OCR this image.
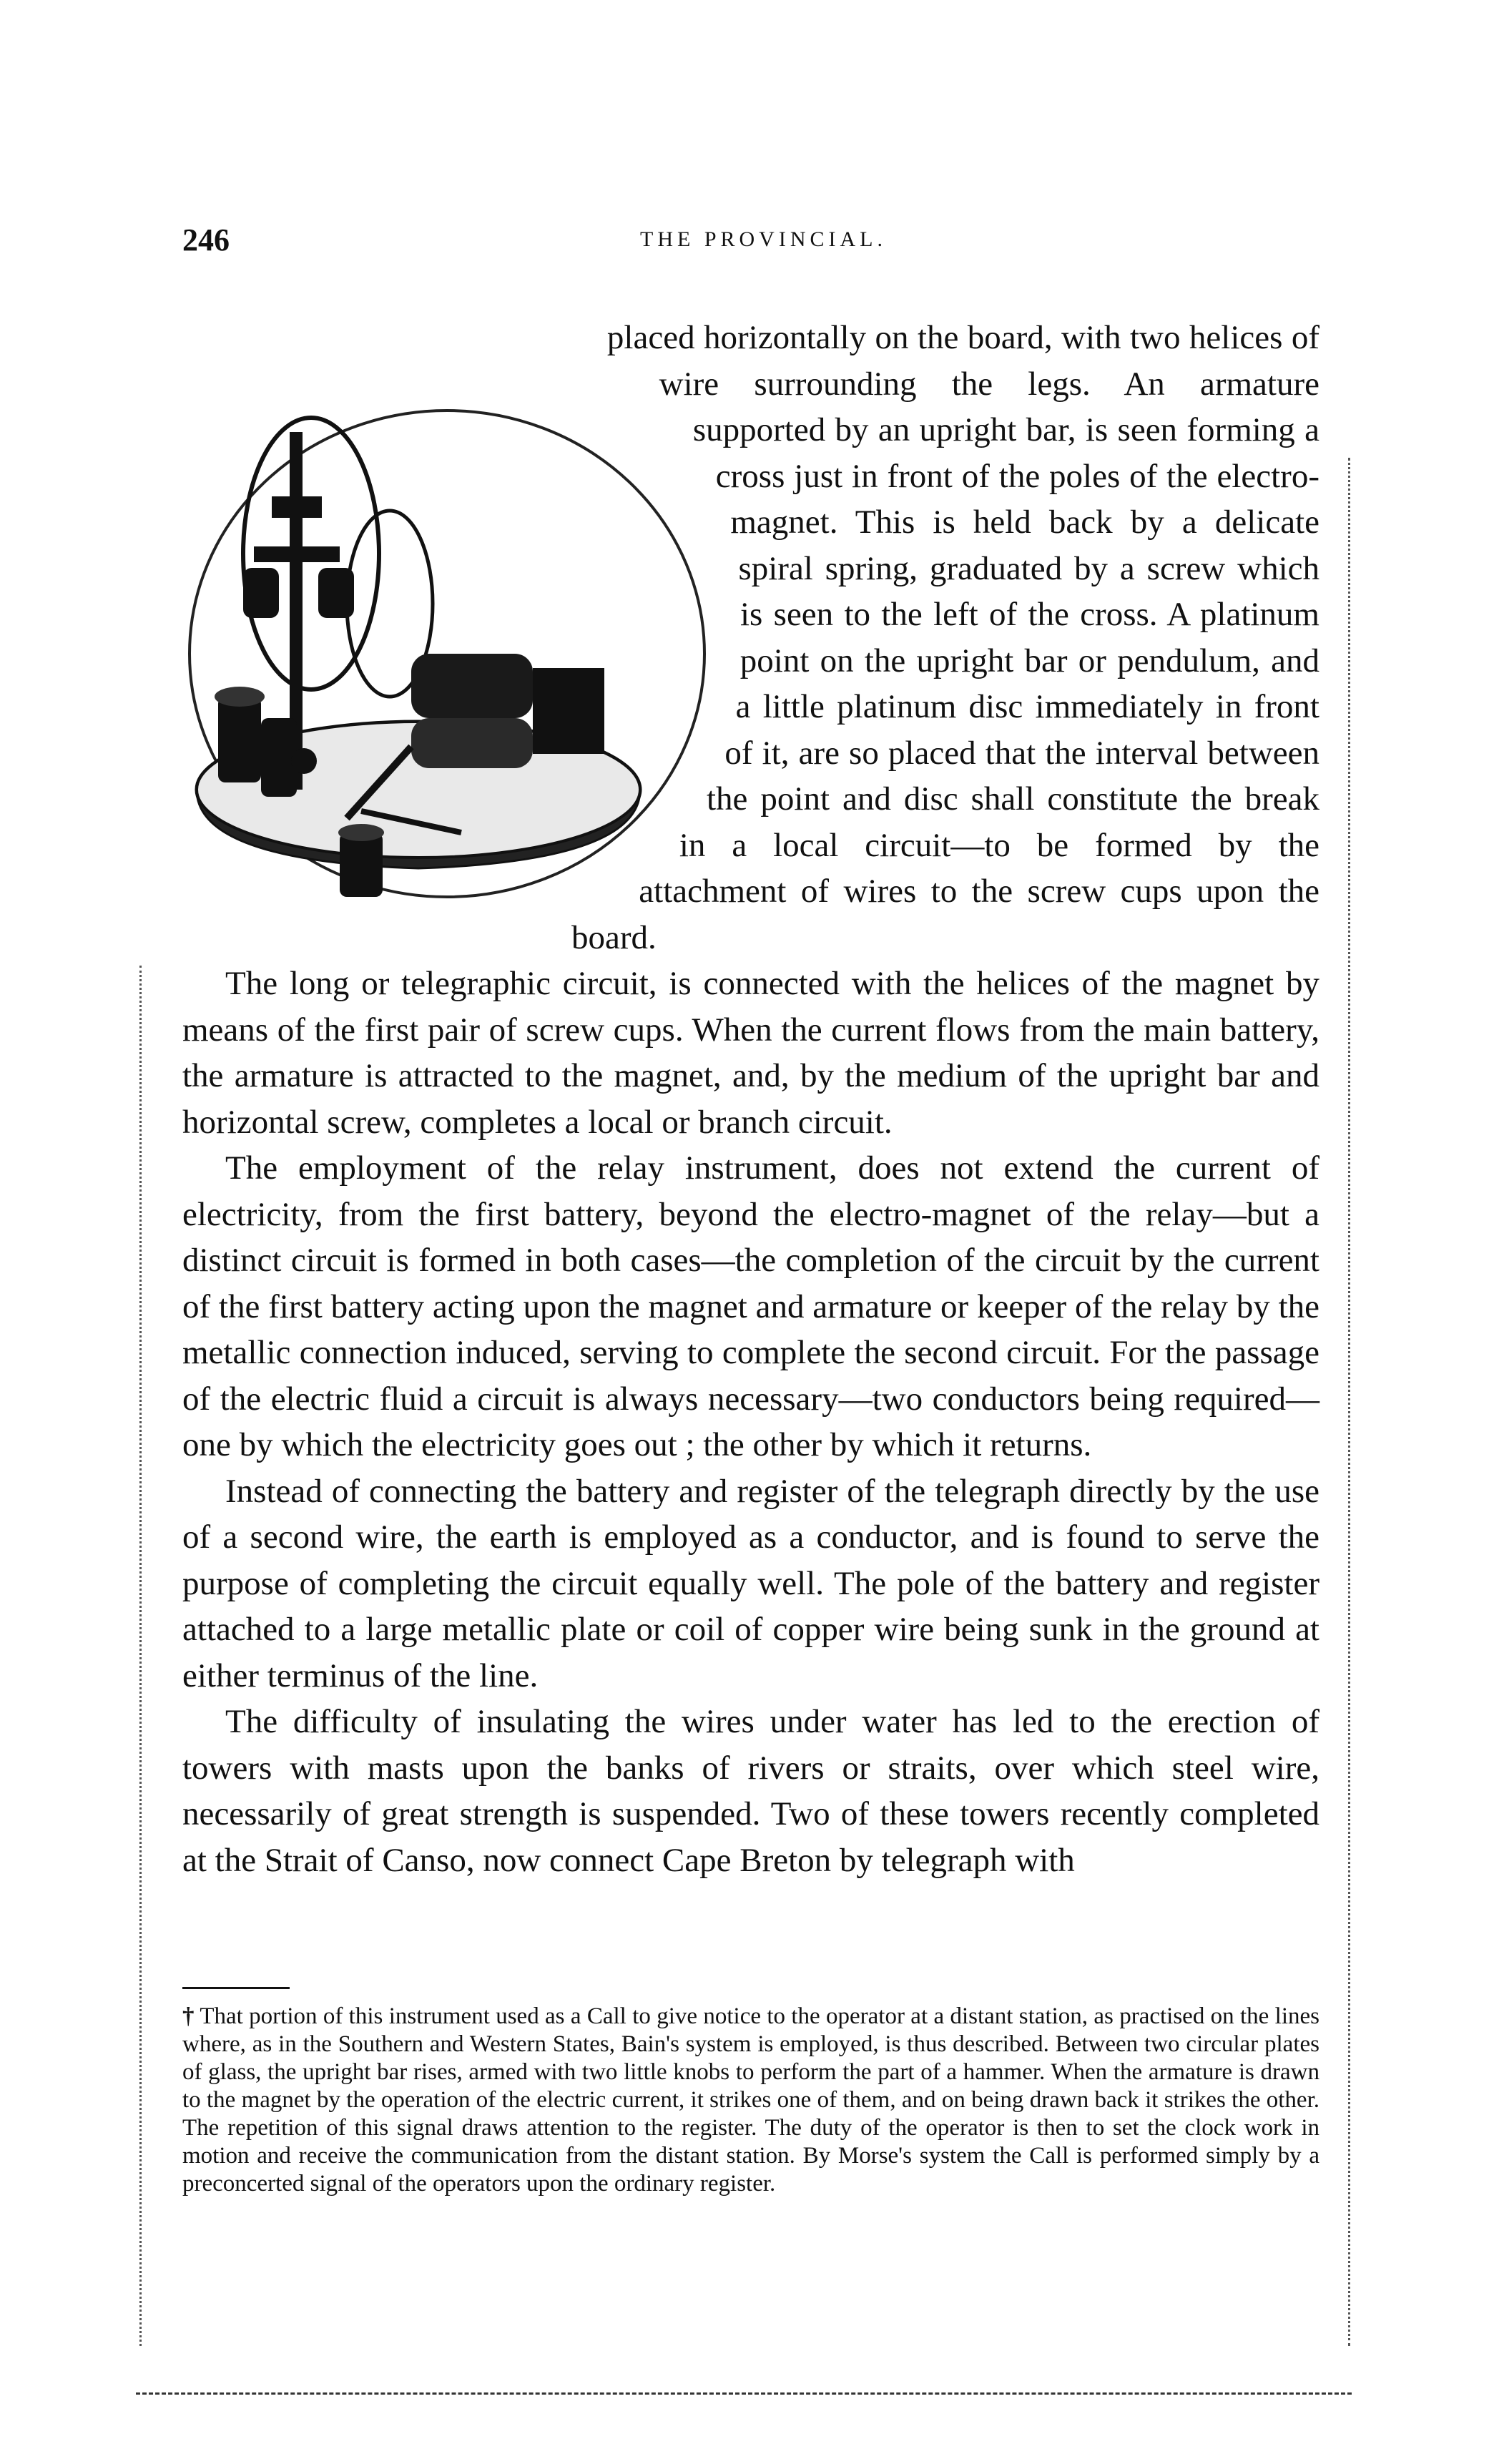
246	THE PROVINCIAL.

placed horizontally on the board, with two helices of wire surrounding the legs. An armature supported by an upright bar, is seen forming a cross just in front of the poles of the electro-magnet. This is held back by a delicate spiral spring, graduated by a screw which is seen to the left of the cross. A platinum point on the upright bar or pendulum, and a little platinum disc immediately in front of it, are so placed that the interval between the point and disc shall constitute the break in a local circuit—to be formed by the attachment of wires to the screw cups upon the board.

The long or telegraphic circuit, is connected with the helices of the magnet by means of the first pair of screw cups. When the current flows from the main battery, the armature is attracted to the magnet, and, by the medium of the upright bar and horizontal screw, completes a local or branch circuit.

The employment of the relay instrument, does not extend the current of electricity, from the first battery, beyond the electro-magnet of the relay—but a distinct circuit is formed in both cases—the completion of the circuit by the current of the first battery acting upon the magnet and armature or keeper of the relay by the metallic connection induced, serving to complete the second circuit. For the passage of the electric fluid a circuit is always necessary—two conductors being required—one by which the electricity goes out ; the other by which it returns.

Instead of connecting the battery and register of the telegraph directly by the use of a second wire, the earth is employed as a conductor, and is found to serve the purpose of completing the circuit equally well. The pole of the battery and register attached to a large metallic plate or coil of copper wire being sunk in the ground at either terminus of the line.

The difficulty of insulating the wires under water has led to the erection of towers with masts upon the banks of rivers or straits, over which steel wire, necessarily of great strength is suspended. Two of these towers recently completed at the Strait of Canso, now connect Cape Breton by telegraph with

† That portion of this instrument used as a Call to give notice to the operator at a distant station, as practised on the lines where, as in the Southern and Western States, Bain's system is employed, is thus described. Between two circular plates of glass, the upright bar rises, armed with two little knobs to perform the part of a hammer. When the armature is drawn to the magnet by the operation of the electric current, it strikes one of them, and on being drawn back it strikes the other. The repetition of this signal draws attention to the register. The duty of the operator is then to set the clock work in motion and receive the communication from the distant station. By Morse's system the Call is performed simply by a preconcerted signal of the operators upon the ordinary register.
